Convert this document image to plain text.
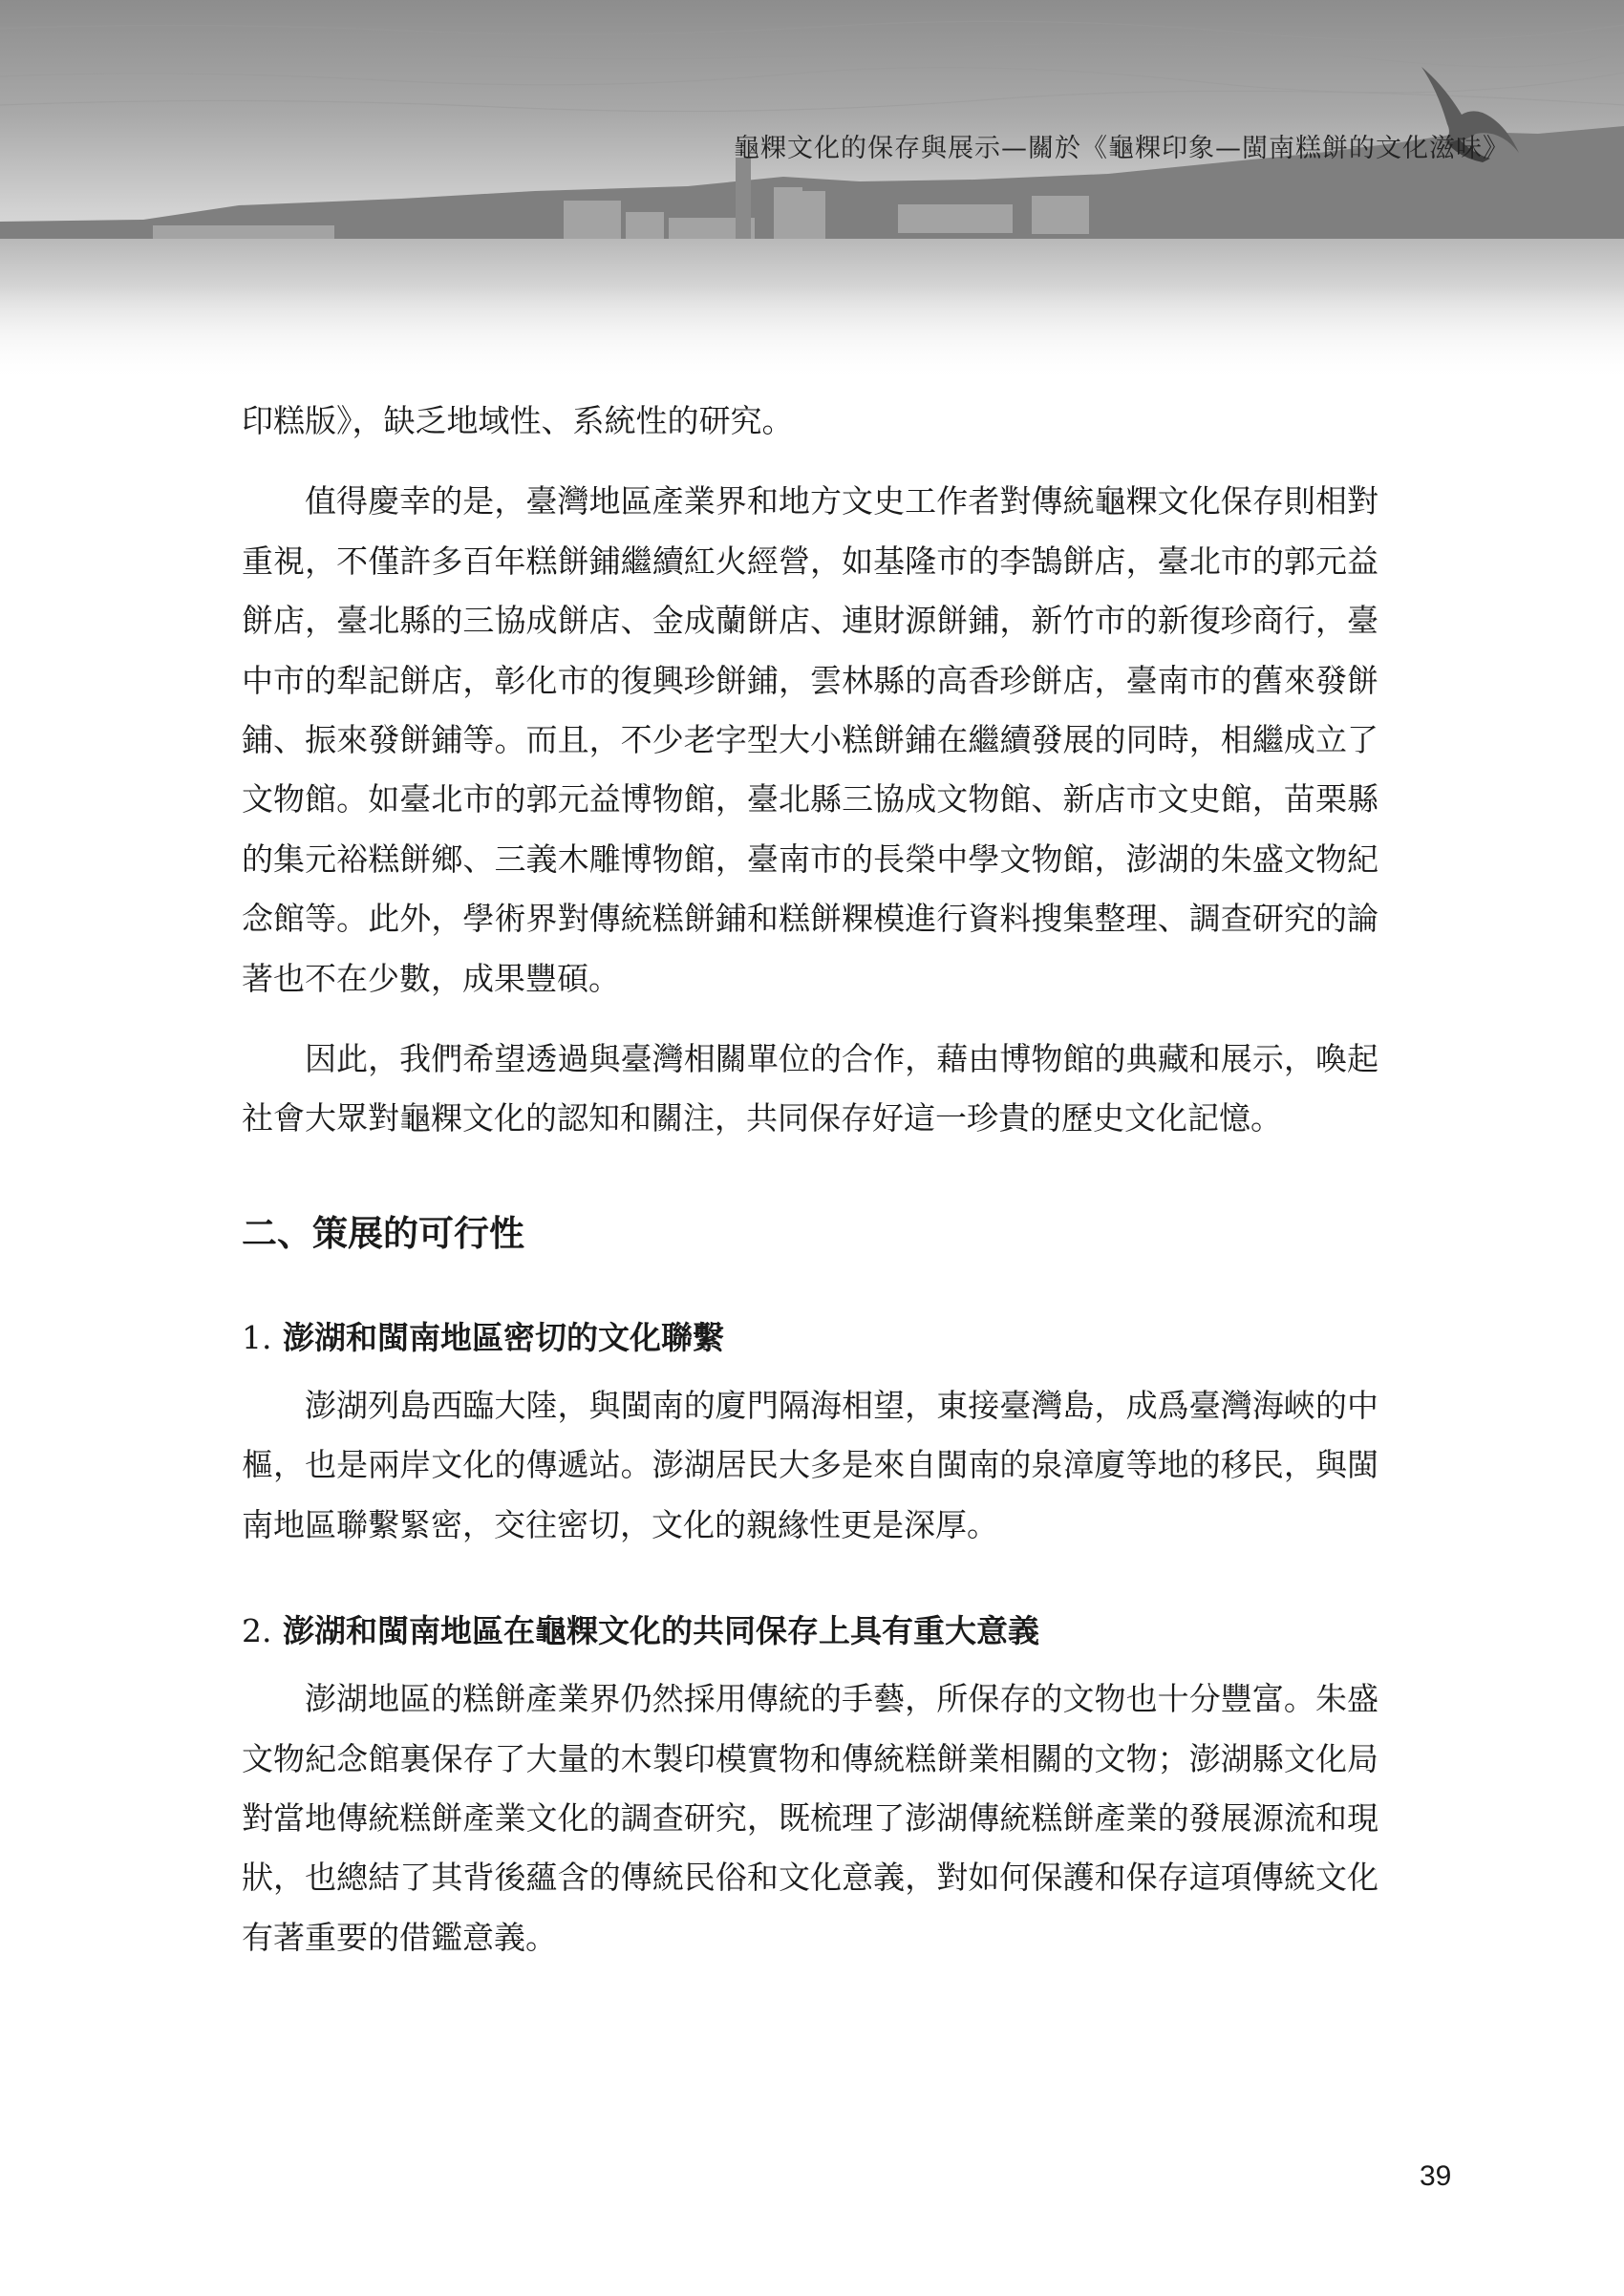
龜粿文化的保存與展示—關於《龜粿印象—閩南糕餅的文化滋味》

印糕版》，缺乏地域性、系統性的研究。

值得慶幸的是，臺灣地區產業界和地方文史工作者對傳統龜粿文化保存則相對重視，不僅許多百年糕餅鋪繼續紅火經營，如基隆市的李鵠餅店，臺北市的郭元益餅店，臺北縣的三協成餅店、金成蘭餅店、連財源餅鋪，新竹市的新復珍商行，臺中市的犁記餅店，彰化市的復興珍餅鋪，雲林縣的高香珍餅店，臺南市的舊來發餅鋪、振來發餅鋪等。而且，不少老字型大小糕餅鋪在繼續發展的同時，相繼成立了文物館。如臺北市的郭元益博物館，臺北縣三協成文物館、新店市文史館，苗栗縣的集元裕糕餅鄉、三義木雕博物館，臺南市的長榮中學文物館，澎湖的朱盛文物紀念館等。此外，學術界對傳統糕餅鋪和糕餅粿模進行資料搜集整理、調查研究的論著也不在少數，成果豐碩。

因此，我們希望透過與臺灣相關單位的合作，藉由博物館的典藏和展示，喚起社會大眾對龜粿文化的認知和關注，共同保存好這一珍貴的歷史文化記憶。

二、策展的可行性
1. 澎湖和閩南地區密切的文化聯繫

澎湖列島西臨大陸，與閩南的廈門隔海相望，東接臺灣島，成爲臺灣海峽的中樞，也是兩岸文化的傳遞站。澎湖居民大多是來自閩南的泉漳廈等地的移民，與閩南地區聯繫緊密，交往密切，文化的親緣性更是深厚。

2. 澎湖和閩南地區在龜粿文化的共同保存上具有重大意義

澎湖地區的糕餅產業界仍然採用傳統的手藝，所保存的文物也十分豐富。朱盛文物紀念館裏保存了大量的木製印模實物和傳統糕餅業相關的文物；澎湖縣文化局對當地傳統糕餅產業文化的調查研究，既梳理了澎湖傳統糕餅產業的發展源流和現狀，也總結了其背後蘊含的傳統民俗和文化意義，對如何保護和保存這項傳統文化有著重要的借鑑意義。

39
